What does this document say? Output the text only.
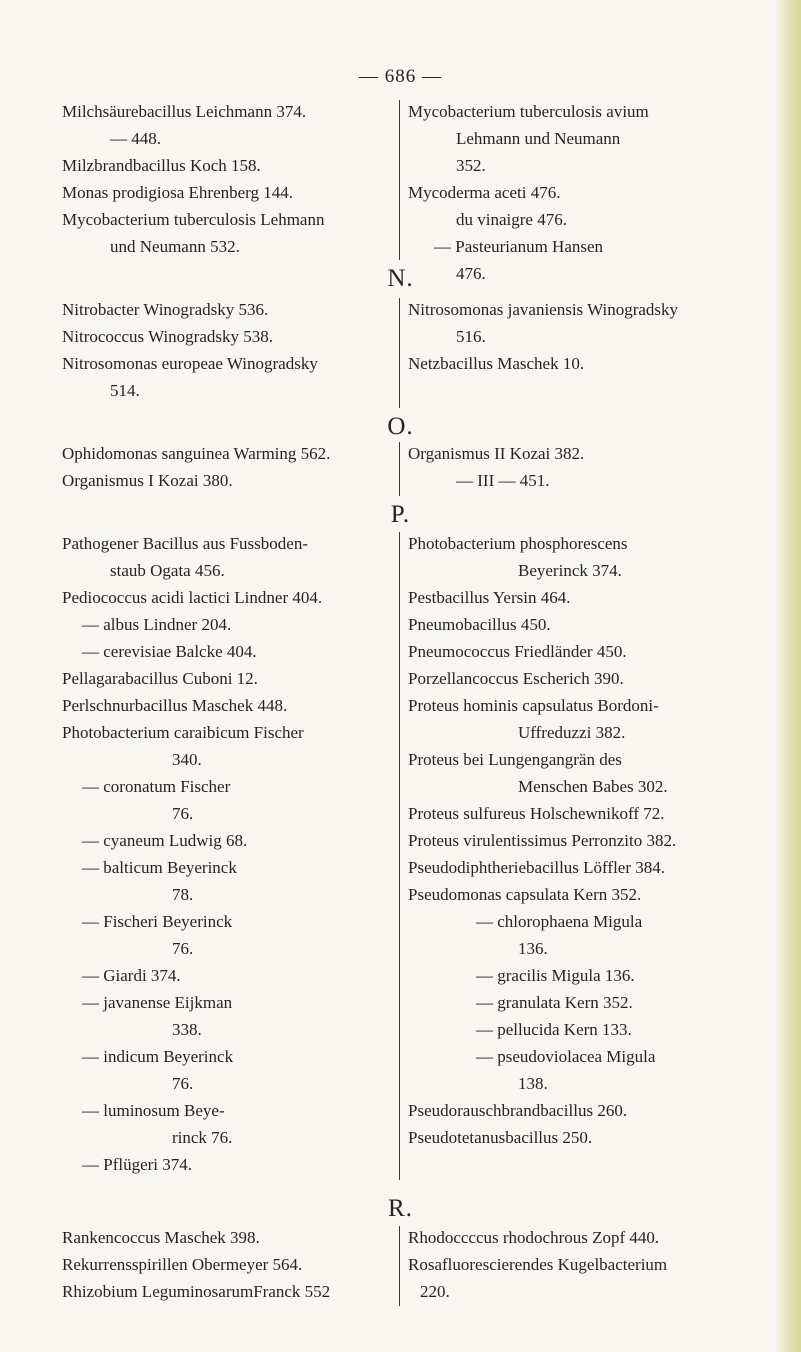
— 686 —
Milchsäurebacillus Leichmann 374.
— 448.
Milzbrandbacillus Koch 158.
Monas prodigiosa Ehrenberg 144.
Mycobacterium tuberculosis Lehmann
und Neumann 532.
Mycobacterium tuberculosis avium
Lehmann und Neumann
352.
Mycoderma aceti 476.
du vinaigre 476.
— Pasteurianum Hansen
476.
N.
Nitrobacter Winogradsky 536.
Nitrococcus Winogradsky 538.
Nitrosomonas europeae Winogradsky
514.
Nitrosomonas javaniensis Winogradsky
516.
Netzbacillus Maschek 10.
O.
Ophidomonas sanguinea Warming 562.
Organismus I Kozai 380.
Organismus II Kozai 382.
— III — 451.
P.
Pathogener Bacillus aus Fussboden-
staub Ogata 456.
Pediococcus acidi lactici Lindner 404.
— albus Lindner 204.
— cerevisiae Balcke 404.
Pellagarabacillus Cuboni 12.
Perlschnurbacillus Maschek 448.
Photobacterium caraibicum Fischer
340.
— coronatum Fischer
76.
— cyaneum Ludwig 68.
— balticum Beyerinck
78.
— Fischeri Beyerinck
76.
— Giardi 374.
— javanense Eijkman
338.
— indicum Beyerinck
76.
— luminosum Beye-
rinck 76.
— Pflügeri 374.
Photobacterium phosphorescens
Beyerinck 374.
Pestbacillus Yersin 464.
Pneumobacillus 450.
Pneumococcus Friedländer 450.
Porzellancoccus Escherich 390.
Proteus hominis capsulatus Bordoni-
Uffreduzzi 382.
Proteus bei Lungengangrän des
Menschen Babes 302.
Proteus sulfureus Holschewnikoff 72.
Proteus virulentissimus Perronzito 382.
Pseudodiphtheriebacillus Löffler 384.
Pseudomonas capsulata Kern 352.
— chlorophaena Migula
136.
— gracilis Migula 136.
— granulata Kern 352.
— pellucida Kern 133.
— pseudoviolacea Migula
138.
Pseudorauschbrandbacillus 260.
Pseudotetanusbacillus 250.
R.
Rankencoccus Maschek 398.
Rekurrensspirillen Obermeyer 564.
Rhizobium LeguminosarumFranck 552
Rhodoccccus rhodochrous Zopf 440.
Rosafluorescierendes Kugelbacterium
220.
